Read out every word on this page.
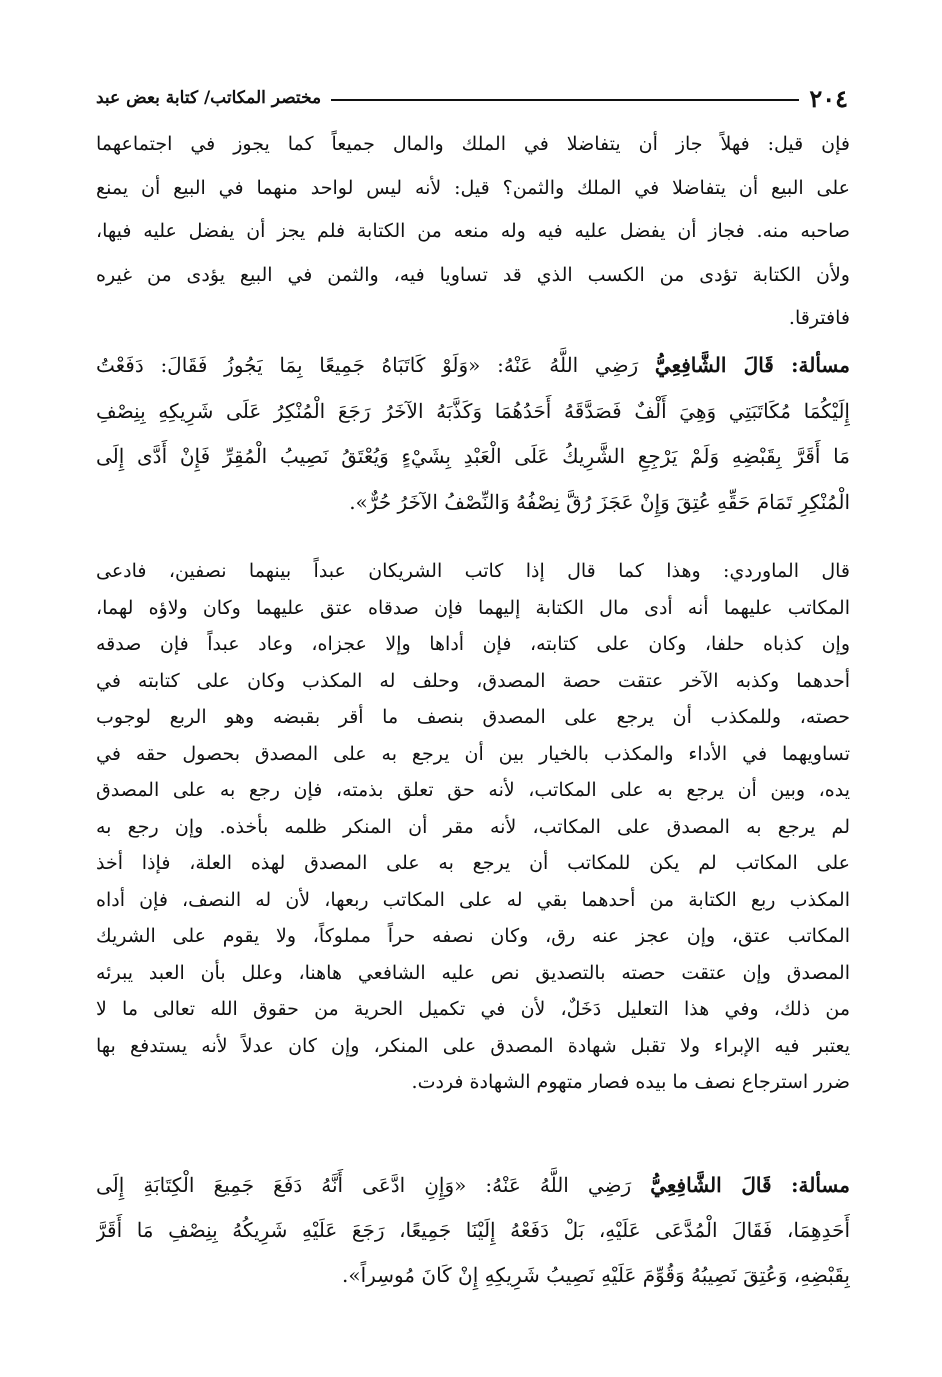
٢٠٤
مختصر المكاتب/ كتابة بعض عبد
فإن قيل: فهلاً جاز أن يتفاضلا في الملك والمال جميعاً كما يجوز في اجتماعهما
على البيع أن يتفاضلا في الملك والثمن؟ قيل: لأنه ليس لواحد منهما في البيع أن يمنع
صاحبه منه. فجاز أن يفضل عليه فيه وله منعه من الكتابة فلم يجز أن يفضل عليه فيها،
ولأن الكتابة تؤدى من الكسب الذي قد تساويا فيه، والثمن في البيع يؤدى من غيره
فافترقا.
مسألة: قَالَ الشَّافِعِيُّ رَضِي اللَّهُ عَنْهُ: «وَلَوْ كَاتَبَاهُ جَمِيعًا بِمَا يَجُوزُ فَقَالَ: دَفَعْتُ
إِلَيْكُمَا مُكَاتَبَتِي وَهِيَ أَلْفٌ فَصَدَّقَهُ أَحَدُهُمَا وَكَذَّبَهُ الآخَرُ رَجَعَ الْمُنْكِرُ عَلَى شَرِيكِهِ بِنِصْفِ
مَا أَقَرَّ بِقَبْضِهِ وَلَمْ يَرْجِعِ الشَّرِيكُ عَلَى الْعَبْدِ بِشَيْءٍ وَيُعْتَقُ نَصِيبُ الْمُقِرِّ فَإِنْ أَدَّى إِلَى
الْمُنْكِرِ تَمَامَ حَقِّهِ عُتِقَ وَإِنْ عَجَزَ رُقَّ نِصْفُهُ وَالنِّصْفُ الآخَرُ حُرٌّ».
قال الماوردي: وهذا كما قال إذا كاتب الشريكان عبداً بينهما نصفين، فادعى
المكاتب عليهما أنه أدى مال الكتابة إليهما فإن صدقاه عتق عليهما وكان ولاؤه لهما،
وإن كذباه حلفا، وكان على كتابته، فإن أداها وإلا عجزاه، وعاد عبداً فإن صدقه
أحدهما وكذبه الآخر عتقت حصة المصدق، وحلف له المكذب وكان على كتابته في
حصته، وللمكذب أن يرجع على المصدق بنصف ما أقر بقبضه وهو الربع لوجوب
تساويهما في الأداء والمكذب بالخيار بين أن يرجع به على المصدق بحصول حقه في
يده، وبين أن يرجع به على المكاتب، لأنه حق تعلق بذمته، فإن رجع به على المصدق
لم يرجع به المصدق على المكاتب، لأنه مقر أن المنكر ظلمه بأخذه. وإن رجع به
على المكاتب لم يكن للمكاتب أن يرجع به على المصدق لهذه العلة، فإذا أخذ
المكذب ربع الكتابة من أحدهما بقي له على المكاتب ربعها، لأن له النصف، فإن أداه
المكاتب عتق، وإن عجز عنه رق، وكان نصفه حراً مملوكاً، ولا يقوم على الشريك
المصدق وإن عتقت حصته بالتصديق نص عليه الشافعي هاهنا، وعلل بأن العبد يبرئه
من ذلك، وفي هذا التعليل دَخَلٌ، لأن في تكميل الحرية من حقوق الله تعالى ما لا
يعتبر فيه الإبراء ولا تقبل شهادة المصدق على المنكر، وإن كان عدلاً لأنه يستدفع بها
ضرر استرجاع نصف ما بيده فصار متهوم الشهادة فردت.
مسألة: قَالَ الشَّافِعِيُّ رَضِي اللَّهُ عَنْهُ: «وَإِنِ ادَّعَى أَنَّهُ دَفَعَ جَمِيعَ الْكِتَابَةِ إِلَى
أَحَدِهِمَا، فَقَالَ الْمُدَّعَى عَلَيْهِ، بَلْ دَفَعْهُ إِلَيْنَا جَمِيعًا، رَجَعَ عَلَيْهِ شَرِيكُهُ بِنِصْفِ مَا أَقَرَّ
بِقَبْضِهِ، وَعُتِقَ نَصِيبُهُ وَقُوِّمَ عَلَيْهِ نَصِيبُ شَرِيكِهِ إِنْ كَانَ مُوسِراً».
